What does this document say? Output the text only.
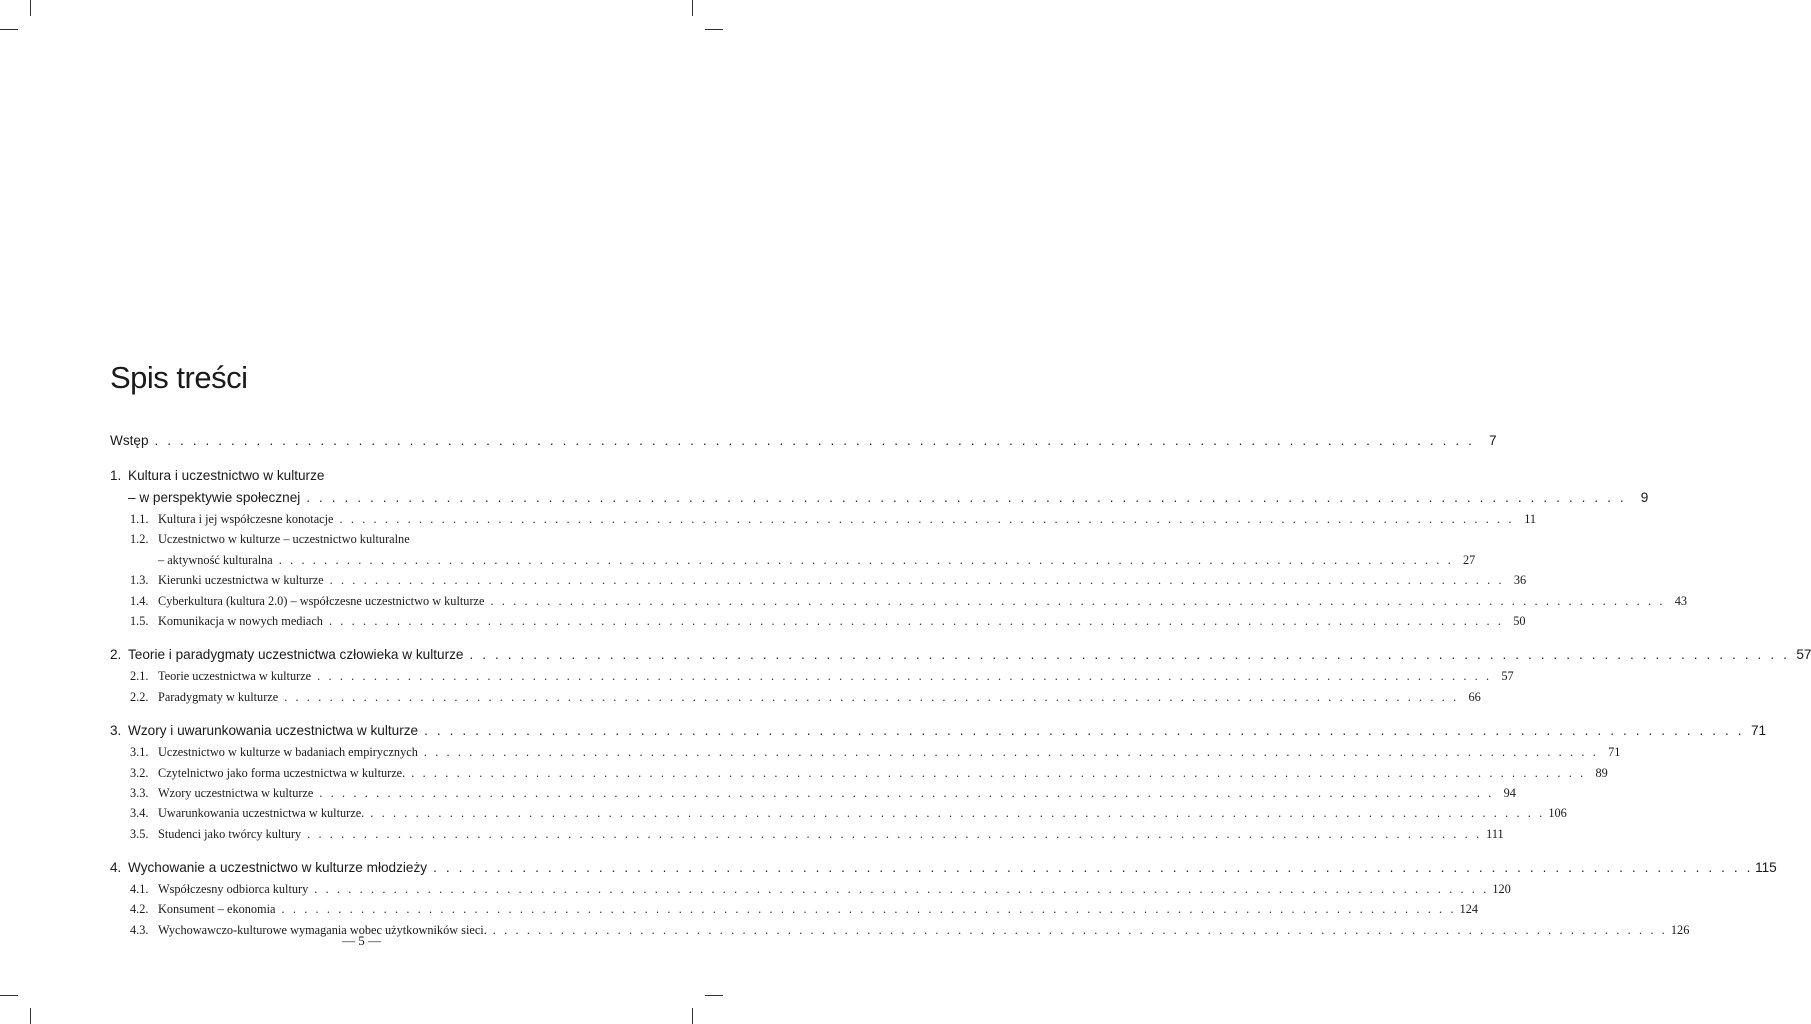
Spis treści
Wstęp . . . . . . . . . . . . . . . . . . . . . . . . . . . . . . . . . . . . . . . . . . . . . . . . . . . . . . . . . . . . . . . . . . . . . . . . . . . . . . . . . . . . . . . . . . . . . . . . . . . . . . . .	7
1. Kultura i uczestnictwo w kulturze
– w perspektywie społecznej . . . . . . . . . . . . . . . . . . . . . . . . . . . . . . . . . . . . . . . . . . . . . . . . . . . . . . . . . . . . . . . . . . . . . . . . . . . . . . . . . . . . . . . . . . . . . . . . . . . . . . . .	9
1.1. Kultura i jej współczesne konotacje . . . . . . . . . . . . . . . . . . . . . . . . . . . . . . . . . . . . . . . . . . . . . . . . . . . . . . . . . . . . . . . . . . . . . . . . . . . . . . . . . . . . . . . . . . . . . . . . . . . . . . . . 11
1.2. Uczestnictwo w kulturze – uczestnictwo kulturalne
– aktywność kulturalna . . . . . . . . . . . . . . . . . . . . . . . . . . . . . . . . . . . . . . . . . . . . . . . . . . . . . . . . . . . . . . . . . . . . . . . . . . . . . . . . . . . . . . . . . . . . . . . . . . . . . . . . 27
1.3. Kierunki uczestnictwa w kulturze . . . . . . . . . . . . . . . . . . . . . . . . . . . . . . . . . . . . . . . . . . . . . . . . . . . . . . . . . . . . . . . . . . . . . . . . . . . . . . . . . . . . . . . . . . . . . . . . . . . . . . . . 36
1.4. Cyberkultura (kultura 2.0) – współczesne uczestnictwo w kulturze . . . . . . . . . . . . . . . . . . . . . . . . . . . . . . . . . . . . . . . . . . . . . . . . . . . . . . . . . . . . . . . . . . . . . . . . . . . . . . . . . . . . . . . . . . . . . . . . . . . . . . . . 43
1.5. Komunikacja w nowych mediach . . . . . . . . . . . . . . . . . . . . . . . . . . . . . . . . . . . . . . . . . . . . . . . . . . . . . . . . . . . . . . . . . . . . . . . . . . . . . . . . . . . . . . . . . . . . . . . . . . . . . . . . 50
2. Teorie i paradygmaty uczestnictwa człowieka w kulturze . . . . . . . . . . . . . . . . . . . . . . . . . . . . . . . . . . . . . . . . . . . . . . . . . . . . . . . . . . . . . . . . . . . . . . . . . . . . . . . . . . . . . . . . . . . . . . . . . . . . . . . . 57
2.1. Teorie uczestnictwa w kulturze . . . . . . . . . . . . . . . . . . . . . . . . . . . . . . . . . . . . . . . . . . . . . . . . . . . . . . . . . . . . . . . . . . . . . . . . . . . . . . . . . . . . . . . . . . . . . . . . . . . . . . . . 57
2.2. Paradygmaty w kulturze . . . . . . . . . . . . . . . . . . . . . . . . . . . . . . . . . . . . . . . . . . . . . . . . . . . . . . . . . . . . . . . . . . . . . . . . . . . . . . . . . . . . . . . . . . . . . . . . . . . . . . . . 66
3. Wzory i uwarunkowania uczestnictwa w kulturze . . . . . . . . . . . . . . . . . . . . . . . . . . . . . . . . . . . . . . . . . . . . . . . . . . . . . . . . . . . . . . . . . . . . . . . . . . . . . . . . . . . . . . . . . . . . . . . . . . . . . . . . 71
3.1. Uczestnictwo w kulturze w badaniach empirycznych . . . . . . . . . . . . . . . . . . . . . . . . . . . . . . . . . . . . . . . . . . . . . . . . . . . . . . . . . . . . . . . . . . . . . . . . . . . . . . . . . . . . . . . . . . . . . . . . . . . . . . . . 71
3.2. Czytelnictwo jako forma uczestnictwa w kulturze. . . . . . . . . . . . . . . . . . . . . . . . . . . . . . . . . . . . . . . . . . . . . . . . . . . . . . . . . . . . . . . . . . . . . . . . . . . . . . . . . . . . . . . . . . . . . . . . . . . . . . . . . 89
3.3. Wzory uczestnictwa w kulturze . . . . . . . . . . . . . . . . . . . . . . . . . . . . . . . . . . . . . . . . . . . . . . . . . . . . . . . . . . . . . . . . . . . . . . . . . . . . . . . . . . . . . . . . . . . . . . . . . . . . . . . . 94
3.4. Uwarunkowania uczestnictwa w kulturze. . . . . . . . . . . . . . . . . . . . . . . . . . . . . . . . . . . . . . . . . . . . . . . . . . . . . . . . . . . . . . . . . . . . . . . . . . . . . . . . . . . . . . . . . . . . . . . . . . . . . . . . . 106
3.5. Studenci jako twórcy kultury . . . . . . . . . . . . . . . . . . . . . . . . . . . . . . . . . . . . . . . . . . . . . . . . . . . . . . . . . . . . . . . . . . . . . . . . . . . . . . . . . . . . . . . . . . . . . . . . . . . . . . . . 111
4. Wychowanie a uczestnictwo w kulturze młodzieży . . . . . . . . . . . . . . . . . . . . . . . . . . . . . . . . . . . . . . . . . . . . . . . . . . . . . . . . . . . . . . . . . . . . . . . . . . . . . . . . . . . . . . . . . . . . . . . . . . . . . . . . 115
4.1. Współczesny odbiorca kultury . . . . . . . . . . . . . . . . . . . . . . . . . . . . . . . . . . . . . . . . . . . . . . . . . . . . . . . . . . . . . . . . . . . . . . . . . . . . . . . . . . . . . . . . . . . . . . . . . . . . . . . . 120
4.2. Konsument – ekonomia . . . . . . . . . . . . . . . . . . . . . . . . . . . . . . . . . . . . . . . . . . . . . . . . . . . . . . . . . . . . . . . . . . . . . . . . . . . . . . . . . . . . . . . . . . . . . . . . . . . . . . . . 124
4.3. Wychowawczo-kulturowe wymagania wobec użytkowników sieci. . . . . . . . . . . . . . . . . . . . . . . . . . . . . . . . . . . . . . . . . . . . . . . . . . . . . . . . . . . . . . . . . . . . . . . . . . . . . . . . . . . . . . . . . . . . . . . . . . . . . . . . . 126
— 5 —
